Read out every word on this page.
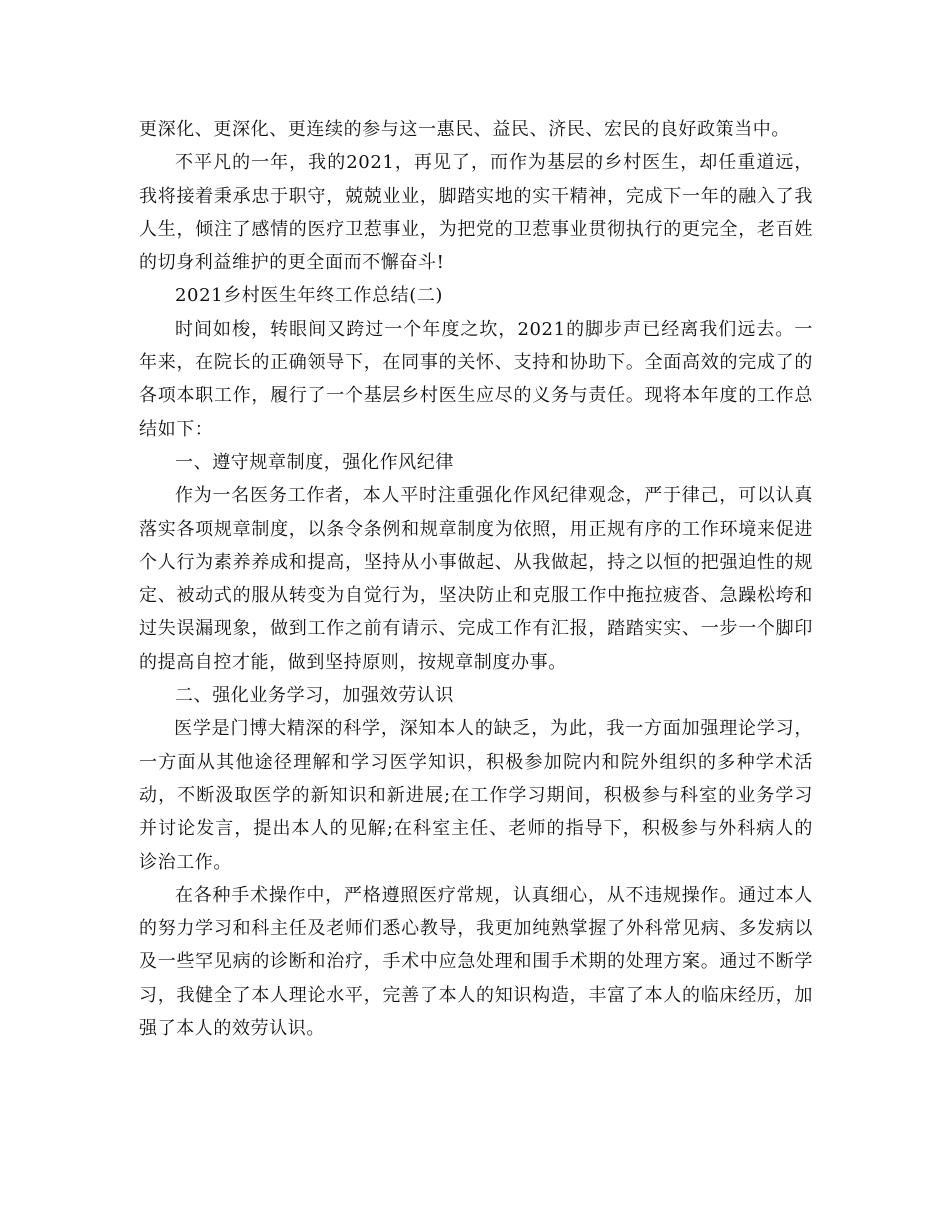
更深化、更深化、更连续的参与这一惠民、益民、济民、宏民的良好政策当中。

不平凡的一年，我的2021，再见了，而作为基层的乡村医生，却任重道远，我将接着秉承忠于职守，兢兢业业，脚踏实地的实干精神，完成下一年的融入了我人生，倾注了感情的医疗卫惹事业，为把党的卫惹事业贯彻执行的更完全，老百姓的切身利益维护的更全面而不懈奋斗!

2021乡村医生年终工作总结(二)

时间如梭，转眼间又跨过一个年度之坎，2021的脚步声已经离我们远去。一年来，在院长的正确领导下，在同事的关怀、支持和协助下。全面高效的完成了的各项本职工作，履行了一个基层乡村医生应尽的义务与责任。现将本年度的工作总结如下：

一、遵守规章制度，强化作风纪律

作为一名医务工作者，本人平时注重强化作风纪律观念，严于律己，可以认真落实各项规章制度，以条令条例和规章制度为依照，用正规有序的工作环境来促进个人行为素养养成和提高，坚持从小事做起、从我做起，持之以恒的把强迫性的规定、被动式的服从转变为自觉行为，坚决防止和克服工作中拖拉疲沓、急躁松垮和过失误漏现象，做到工作之前有请示、完成工作有汇报，踏踏实实、一步一个脚印的提高自控才能，做到坚持原则，按规章制度办事。

二、强化业务学习，加强效劳认识

医学是门博大精深的科学，深知本人的缺乏，为此，我一方面加强理论学习，一方面从其他途径理解和学习医学知识，积极参加院内和院外组织的多种学术活动，不断汲取医学的新知识和新进展;在工作学习期间，积极参与科室的业务学习并讨论发言，提出本人的见解;在科室主任、老师的指导下，积极参与外科病人的诊治工作。

在各种手术操作中，严格遵照医疗常规，认真细心，从不违规操作。通过本人的努力学习和科主任及老师们悉心教导，我更加纯熟掌握了外科常见病、多发病以及一些罕见病的诊断和治疗，手术中应急处理和围手术期的处理方案。通过不断学习，我健全了本人理论水平，完善了本人的知识构造，丰富了本人的临床经历，加强了本人的效劳认识。
